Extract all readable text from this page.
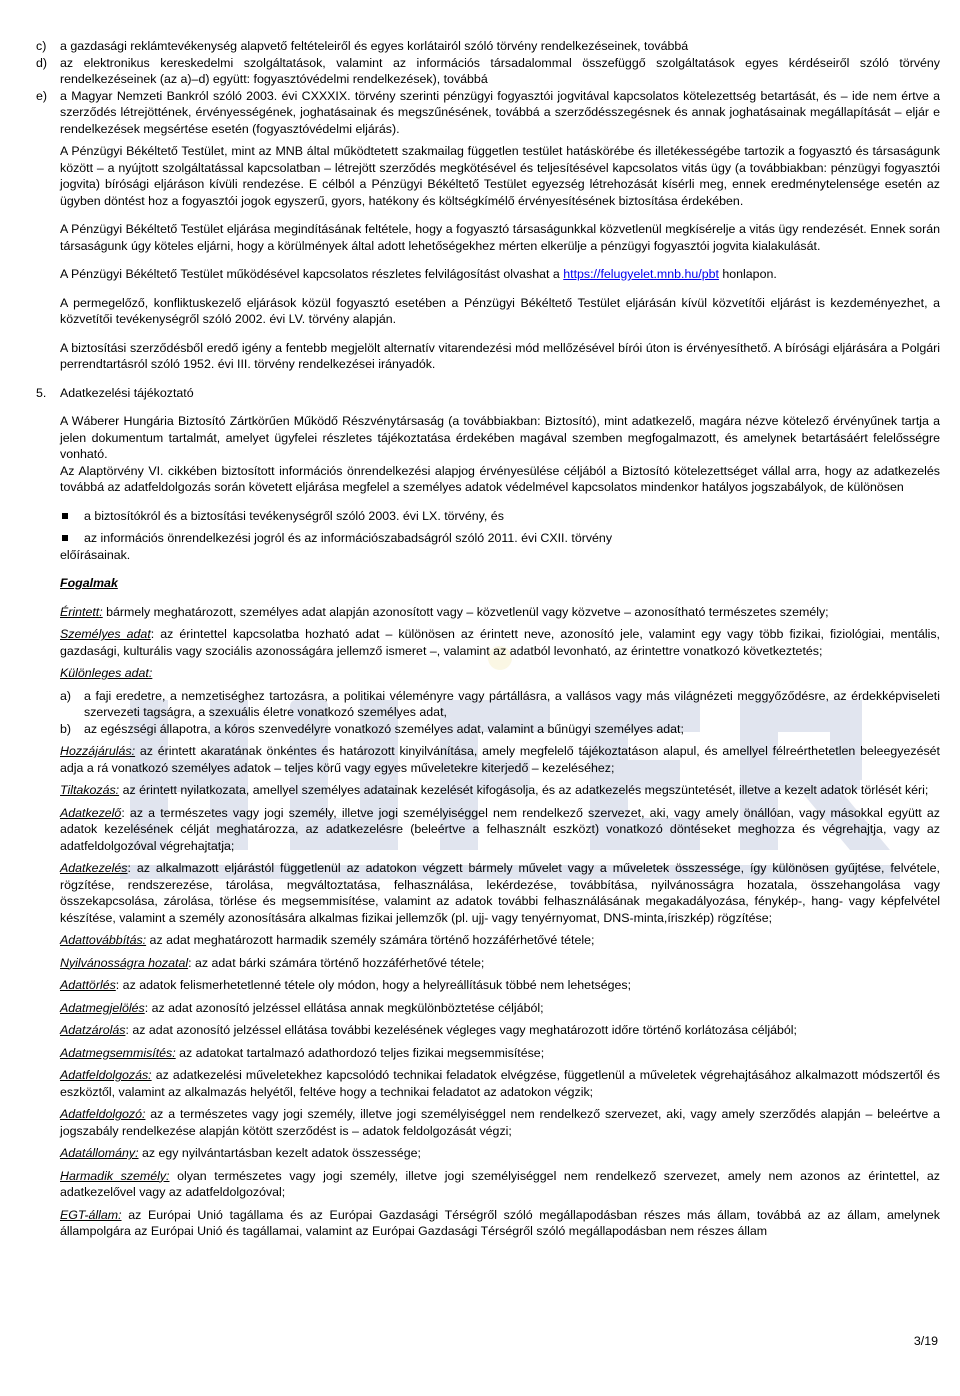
c)	a gazdasági reklámtevékenység alapvető feltételeiről és egyes korlátairól szóló törvény rendelkezéseinek, továbbá
d)	az elektronikus kereskedelmi szolgáltatások, valamint az információs társadalommal összefüggő szolgáltatások egyes kérdéseiről szóló törvény rendelkezéseinek (az a)–d) együtt: fogyasztóvédelmi rendelkezések), továbbá
e)	a Magyar Nemzeti Bankról szóló 2003. évi CXXXIX. törvény szerinti pénzügyi fogyasztói jogvitával kapcsolatos kötelezettség betartását, és – ide nem értve a szerződés létrejöttének, érvényességének, joghatásainak és megszűnésének, továbbá a szerződésszegésnek és annak joghatásainak megállapítását – eljár e rendelkezések megsértése esetén (fogyasztóvédelmi eljárás).

A Pénzügyi Békéltető Testület, mint az MNB által működtetett szakmailag független testület hatáskörébe és illetékességébe tartozik a fogyasztó és társaságunk között – a nyújtott szolgáltatással kapcsolatban – létrejött szerződés megkötésével és teljesítésével kapcsolatos vitás ügy (a továbbiakban: pénzügyi fogyasztói jogvita) bírósági eljáráson kívüli rendezése. E célból a Pénzügyi Békéltető Testület egyezség létrehozását kísérli meg, ennek eredménytelensége esetén az ügyben döntést hoz a fogyasztói jogok egyszerű, gyors, hatékony és költségkímélő érvényesítésének biztosítása érdekében.

A Pénzügyi Békéltető Testület eljárása megindításának feltétele, hogy a fogyasztó társaságunkkal közvetlenül megkísérelje a vitás ügy rendezését. Ennek során társaságunk úgy köteles eljárni, hogy a körülmények által adott lehetőségekhez mérten elkerülje a pénzügyi fogyasztói jogvita kialakulását.

A Pénzügyi Békéltető Testület működésével kapcsolatos részletes felvilágosítást olvashat a https://felugyelet.mnb.hu/pbt honlapon.

A permegelőző, konfliktuskezelő eljárások közül fogyasztó esetében a Pénzügyi Békéltető Testület eljárásán kívül közvetítői eljárást is kezdeményezhet, a közvetítői tevékenységről szóló 2002. évi LV. törvény alapján.

A biztosítási szerződésből eredő igény a fentebb megjelölt alternatív vitarendezési mód mellőzésével bírói úton is érvényesíthető. A bírósági eljárására a Polgári perrendtartásról szóló 1952. évi III. törvény rendelkezései irányadók.

5.	Adatkezelési tájékoztató

A Wáberer Hungária Biztosító Zártkörűen Működő Részvénytársaság (a továbbiakban: Biztosító), mint adatkezelő, magára nézve kötelező érvényűnek tartja a jelen dokumentum tartalmát, amelyet ügyfelei részletes tájékoztatása érdekében magával szemben megfogalmazott, és amelynek betartásáért felelősségre vonható.

Az Alaptörvény VI. cikkében biztosított információs önrendelkezési alapjog érvényesülése céljából a Biztosító kötelezettséget vállal arra, hogy az adatkezelés továbbá az adatfeldolgozás során követett eljárása megfelel a személyes adatok védelmével kapcsolatos mindenkor hatályos jogszabályok, de különösen

a biztosítókról és a biztosítási tevékenységről szóló 2003. évi LX. törvény, és
az információs önrendelkezési jogról és az információszabadságról szóló 2011. évi CXII. törvény

előírásainak.

Fogalmak

Érintett: bármely meghatározott, személyes adat alapján azonosított vagy – közvetlenül vagy közvetve – azonosítható természetes személy;

Személyes adat: az érintettel kapcsolatba hozható adat – különösen az érintett neve, azonosító jele, valamint egy vagy több fizikai, fiziológiai, mentális, gazdasági, kulturális vagy szociális azonosságára jellemző ismeret –, valamint az adatból levonható, az érintettre vonatkozó következtetés;

Különleges adat:

a)	a faji eredetre, a nemzetiséghez tartozásra, a politikai véleményre vagy pártállásra, a vallásos vagy más világnézeti meggyőződésre, az érdekképviseleti szervezeti tagságra, a szexuális életre vonatkozó személyes adat,
b)	az egészségi állapotra, a kóros szenvedélyre vonatkozó személyes adat, valamint a bűnügyi személyes adat;

Hozzájárulás: az érintett akaratának önkéntes és határozott kinyilvánítása, amely megfelelő tájékoztatáson alapul, és amellyel félreérthetetlen beleegyezését adja a rá vonatkozó személyes adatok – teljes körű vagy egyes műveletekre kiterjedő – kezeléséhez;

Tiltakozás: az érintett nyilatkozata, amellyel személyes adatainak kezelését kifogásolja, és az adatkezelés megszüntetését, illetve a kezelt adatok törlését kéri;

Adatkezelő: az a természetes vagy jogi személy, illetve jogi személyiséggel nem rendelkező szervezet, aki, vagy amely önállóan, vagy másokkal együtt az adatok kezelésének célját meghatározza, az adatkezelésre (beleértve a felhasznált eszközt) vonatkozó döntéseket meghozza és végrehajtja, vagy az adatfeldolgozóval végrehajtatja;

Adatkezelés: az alkalmazott eljárástól függetlenül az adatokon végzett bármely művelet vagy a műveletek összessége, így különösen gyűjtése, felvétele, rögzítése, rendszerezése, tárolása, megváltoztatása, felhasználása, lekérdezése, továbbítása, nyilvánosságra hozatala, összehangolása vagy összekapcsolása, zárolása, törlése és megsemmisítése, valamint az adatok további felhasználásának megakadályozása, fénykép-, hang- vagy képfelvétel készítése, valamint a személy azonosítására alkalmas fizikai jellemzők (pl. ujj- vagy tenyérnyomat, DNS-minta,íriszkép) rögzítése;

Adattovábbítás: az adat meghatározott harmadik személy számára történő hozzáférhetővé tétele;

Nyilvánosságra hozatal: az adat bárki számára történő hozzáférhetővé tétele;

Adattörlés: az adatok felismerhetetlenné tétele oly módon, hogy a helyreállításuk többé nem lehetséges;

Adatmegjelölés: az adat azonosító jelzéssel ellátása annak megkülönböztetése céljából;

Adatzárolás: az adat azonosító jelzéssel ellátása további kezelésének végleges vagy meghatározott időre történő korlátozása céljából;

Adatmegsemmisítés: az adatokat tartalmazó adathordozó teljes fizikai megsemmisítése;

Adatfeldolgozás: az adatkezelési műveletekhez kapcsolódó technikai feladatok elvégzése, függetlenül a műveletek végrehajtásához alkalmazott módszertől és eszköztől, valamint az alkalmazás helyétől, feltéve hogy a technikai feladatot az adatokon végzik;

Adatfeldolgozó: az a természetes vagy jogi személy, illetve jogi személyiséggel nem rendelkező szervezet, aki, vagy amely szerződés alapján – beleértve a jogszabály rendelkezése alapján kötött szerződést is – adatok feldolgozását végzi;

Adatállomány: az egy nyilvántartásban kezelt adatok összessége;

Harmadik személy: olyan természetes vagy jogi személy, illetve jogi személyiséggel nem rendelkező szervezet, amely nem azonos az érintettel, az adatkezelővel vagy az adatfeldolgozóval;

EGT-állam: az Európai Unió tagállama és az Európai Gazdasági Térségről szóló megállapodásban részes más állam, továbbá az az állam, amelynek állampolgára az Európai Unió és tagállamai, valamint az Európai Gazdasági Térségről szóló megállapodásban nem részes állam

3/19
